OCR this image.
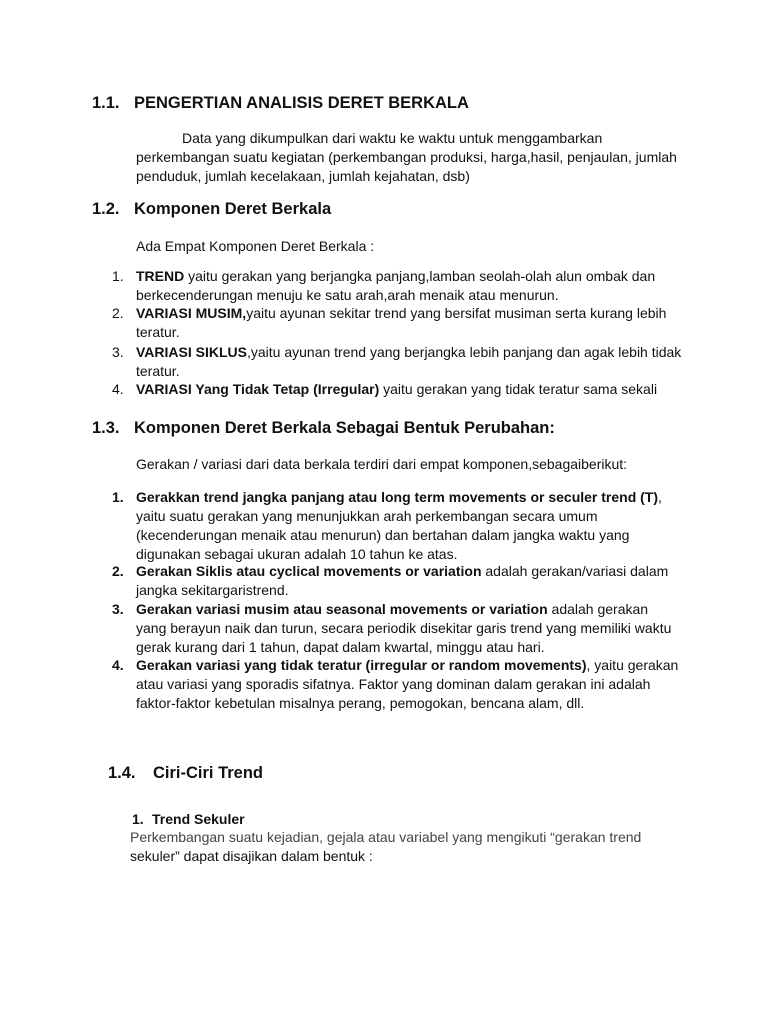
1.1. PENGERTIAN ANALISIS DERET BERKALA
Data yang dikumpulkan dari waktu ke waktu untuk menggambarkan
perkembangan suatu kegiatan (perkembangan produksi, harga,hasil, penjaulan, jumlah
penduduk, jumlah kecelakaan, jumlah kejahatan, dsb)
1.2. Komponen Deret Berkala
Ada Empat Komponen Deret Berkala :
1. TREND yaitu gerakan yang berjangka panjang,lamban seolah-olah alun ombak dan
berkecenderungan menuju ke satu arah,arah menaik atau menurun.
2. VARIASI MUSIM,yaitu ayunan sekitar trend yang bersifat musiman serta kurang lebih
teratur.
3. VARIASI SIKLUS,yaitu ayunan trend yang berjangka lebih panjang dan agak lebih tidak
teratur.
4. VARIASI Yang Tidak Tetap (Irregular) yaitu gerakan yang tidak teratur sama sekali
1.3. Komponen Deret Berkala Sebagai Bentuk Perubahan:
Gerakan / variasi dari data berkala terdiri dari empat komponen,sebagaiberikut:
1. Gerakkan trend jangka panjang atau long term movements or seculer trend (T),
yaitu suatu gerakan yang menunjukkan arah perkembangan secara umum
(kecenderungan menaik atau menurun) dan bertahan dalam jangka waktu yang
digunakan sebagai ukuran adalah 10 tahun ke atas.
2. Gerakan Siklis atau cyclical movements or variation adalah gerakan/variasi dalam
jangka sekitargaristrend.
3. Gerakan variasi musim atau seasonal movements or variation adalah gerakan
yang berayun naik dan turun, secara periodik disekitar garis trend yang memiliki waktu
gerak kurang dari 1 tahun, dapat dalam kwartal, minggu atau hari.
4. Gerakan variasi yang tidak teratur (irregular or random movements), yaitu gerakan
atau variasi yang sporadis sifatnya. Faktor yang dominan dalam gerakan ini adalah
faktor-faktor kebetulan misalnya perang, pemogokan, bencana alam, dll.
1.4. Ciri-Ciri Trend
1. Trend Sekuler
Perkembangan suatu kejadian, gejala atau variabel yang mengikuti “gerakan trend
sekuler” dapat disajikan dalam bentuk :
